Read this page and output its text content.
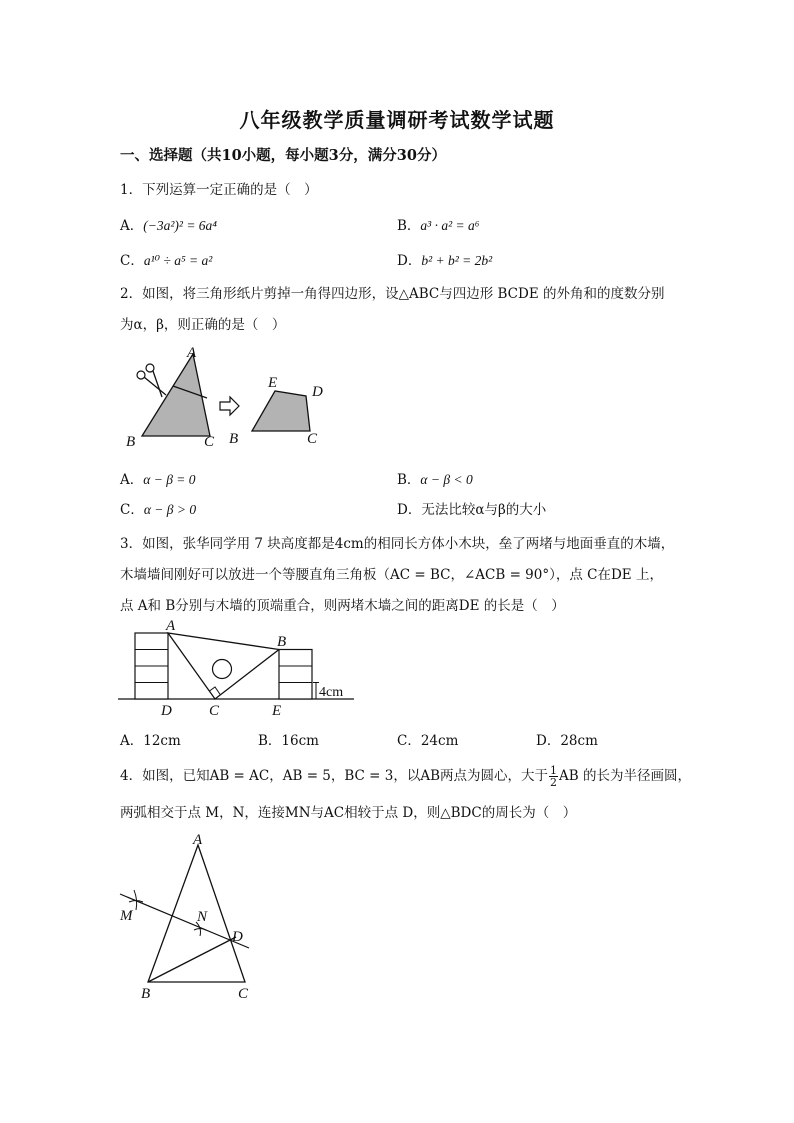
八年级教学质量调研考试数学试题
一、选择题（共10小题，每小题3分，满分30分）
1．下列运算一定正确的是（　）
A．(−3a²)² = 6a⁴	B．a³ · a² = a⁶
C．a¹⁰ ÷ a⁵ = a²	D．b² + b² = 2b²
2．如图，将三角形纸片剪掉一角得四边形，设△ABC与四边形 BCDE 的外角和的度数分别
为α，β，则正确的是（　）
A
B	C
E
D
B	C
A．α − β = 0	B．α − β < 0
C．α − β > 0	D．无法比较α与β的大小
3．如图，张华同学用 7 块高度都是4cm的相同长方体小木块，垒了两堵与地面垂直的木墙，
木墙墙间刚好可以放进一个等腰直角三角板（AC = BC，∠ACB = 90°），点 C在DE 上，
点 A和 B分别与木墙的顶端重合，则两堵木墙之间的距离DE 的长是（　）
4cm
A
B
C
D	E
A．12cm	B．16cm	C．24cm	D．28cm
4．如图，已知AB = AC，AB = 5，BC = 3，以AB两点为圆心，大于 $\frac{1}{2}$ AB 的长为半径画圆，
两弧相交于点 M，N，连接MN与AC相较于点 D，则△BDC的周长为（　）
A
B	C
D
M	N
